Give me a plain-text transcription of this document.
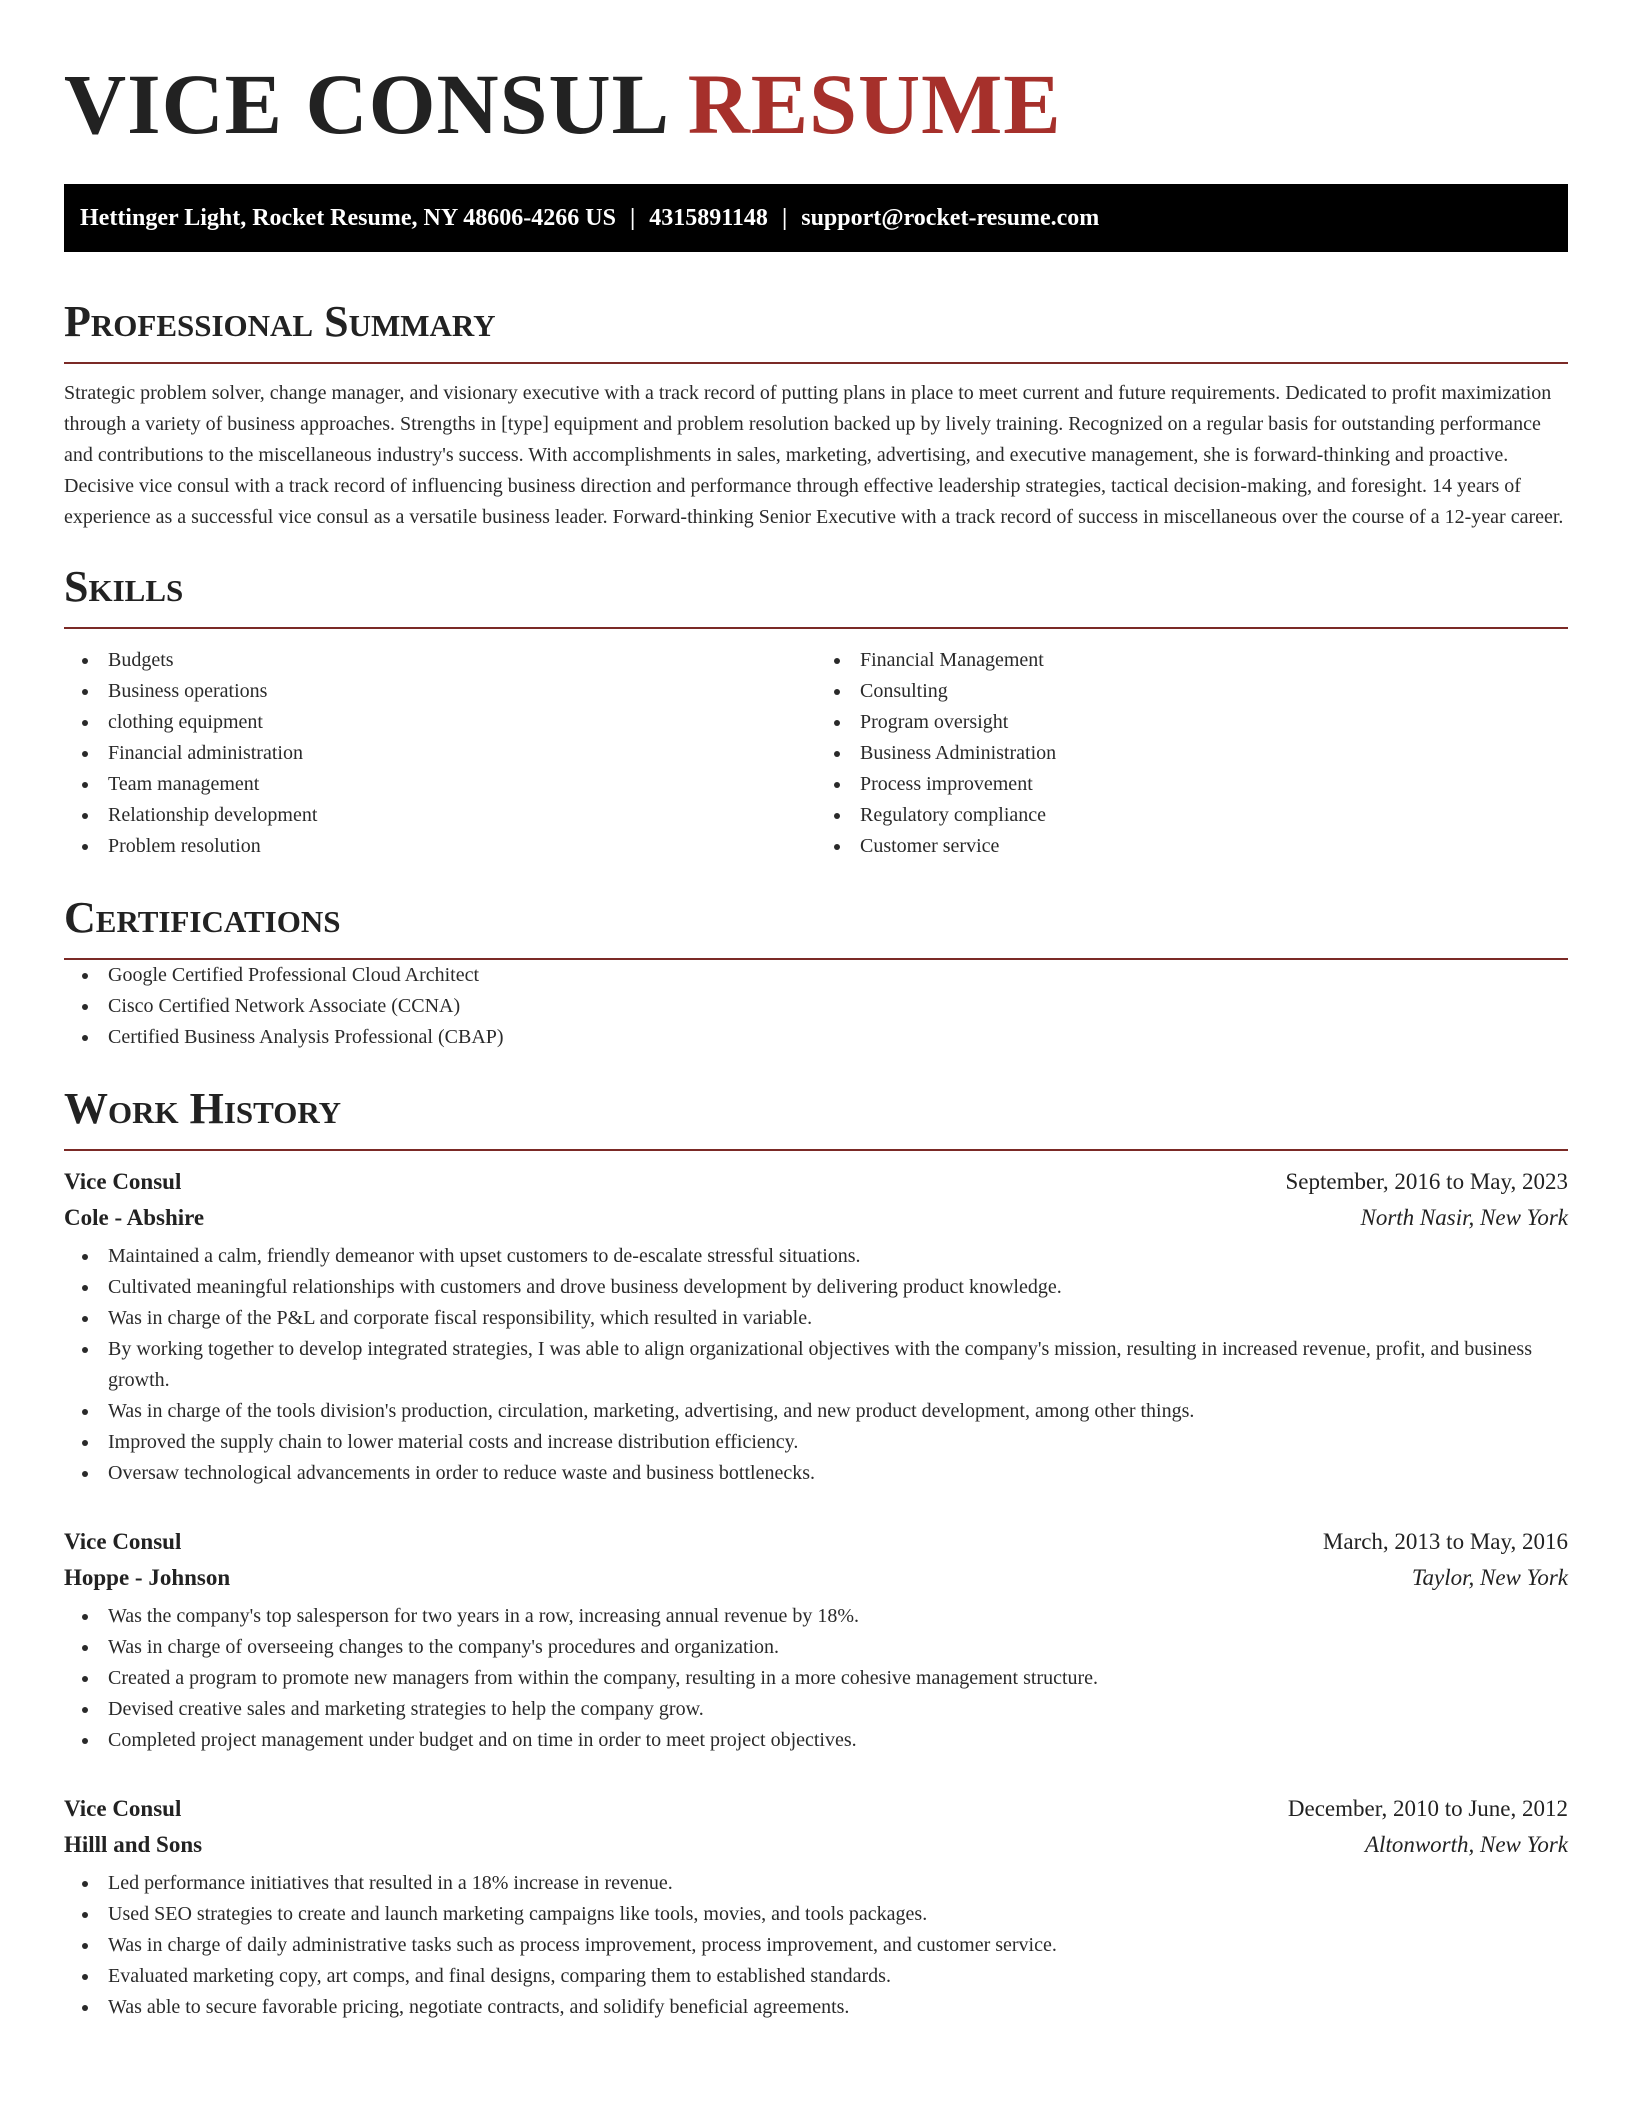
VICE CONSUL RESUME
Hettinger Light, Rocket Resume, NY 48606-4266 US | 4315891148 | support@rocket-resume.com
Professional Summary

Strategic problem solver, change manager, and visionary executive with a track record of putting plans in place to meet current and future requirements. Dedicated to profit maximization through a variety of business approaches. Strengths in [type] equipment and problem resolution backed up by lively training. Recognized on a regular basis for outstanding performance and contributions to the miscellaneous industry's success. With accomplishments in sales, marketing, advertising, and executive management, she is forward-thinking and proactive. Decisive vice consul with a track record of influencing business direction and performance through effective leadership strategies, tactical decision-making, and foresight. 14 years of experience as a successful vice consul as a versatile business leader. Forward-thinking Senior Executive with a track record of success in miscellaneous over the course of a 12-year career.

Skills
Budgets
Business operations
clothing equipment
Financial administration
Team management
Relationship development
Problem resolution
Financial Management
Consulting
Program oversight
Business Administration
Process improvement
Regulatory compliance
Customer service
Certifications
Google Certified Professional Cloud Architect
Cisco Certified Network Associate (CCNA)
Certified Business Analysis Professional (CBAP)
Work History
Vice Consul	September, 2016 to May, 2023
Cole - Abshire	North Nasir, New York
Maintained a calm, friendly demeanor with upset customers to de-escalate stressful situations.
Cultivated meaningful relationships with customers and drove business development by delivering product knowledge.
Was in charge of the P&L and corporate fiscal responsibility, which resulted in variable.
By working together to develop integrated strategies, I was able to align organizational objectives with the company's mission, resulting in increased revenue, profit, and business growth.
Was in charge of the tools division's production, circulation, marketing, advertising, and new product development, among other things.
Improved the supply chain to lower material costs and increase distribution efficiency.
Oversaw technological advancements in order to reduce waste and business bottlenecks.
Vice Consul	March, 2013 to May, 2016
Hoppe - Johnson	Taylor, New York
Was the company's top salesperson for two years in a row, increasing annual revenue by 18%.
Was in charge of overseeing changes to the company's procedures and organization.
Created a program to promote new managers from within the company, resulting in a more cohesive management structure.
Devised creative sales and marketing strategies to help the company grow.
Completed project management under budget and on time in order to meet project objectives.
Vice Consul	December, 2010 to June, 2012
Hilll and Sons	Altonworth, New York
Led performance initiatives that resulted in a 18% increase in revenue.
Used SEO strategies to create and launch marketing campaigns like tools, movies, and tools packages.
Was in charge of daily administrative tasks such as process improvement, process improvement, and customer service.
Evaluated marketing copy, art comps, and final designs, comparing them to established standards.
Was able to secure favorable pricing, negotiate contracts, and solidify beneficial agreements.
